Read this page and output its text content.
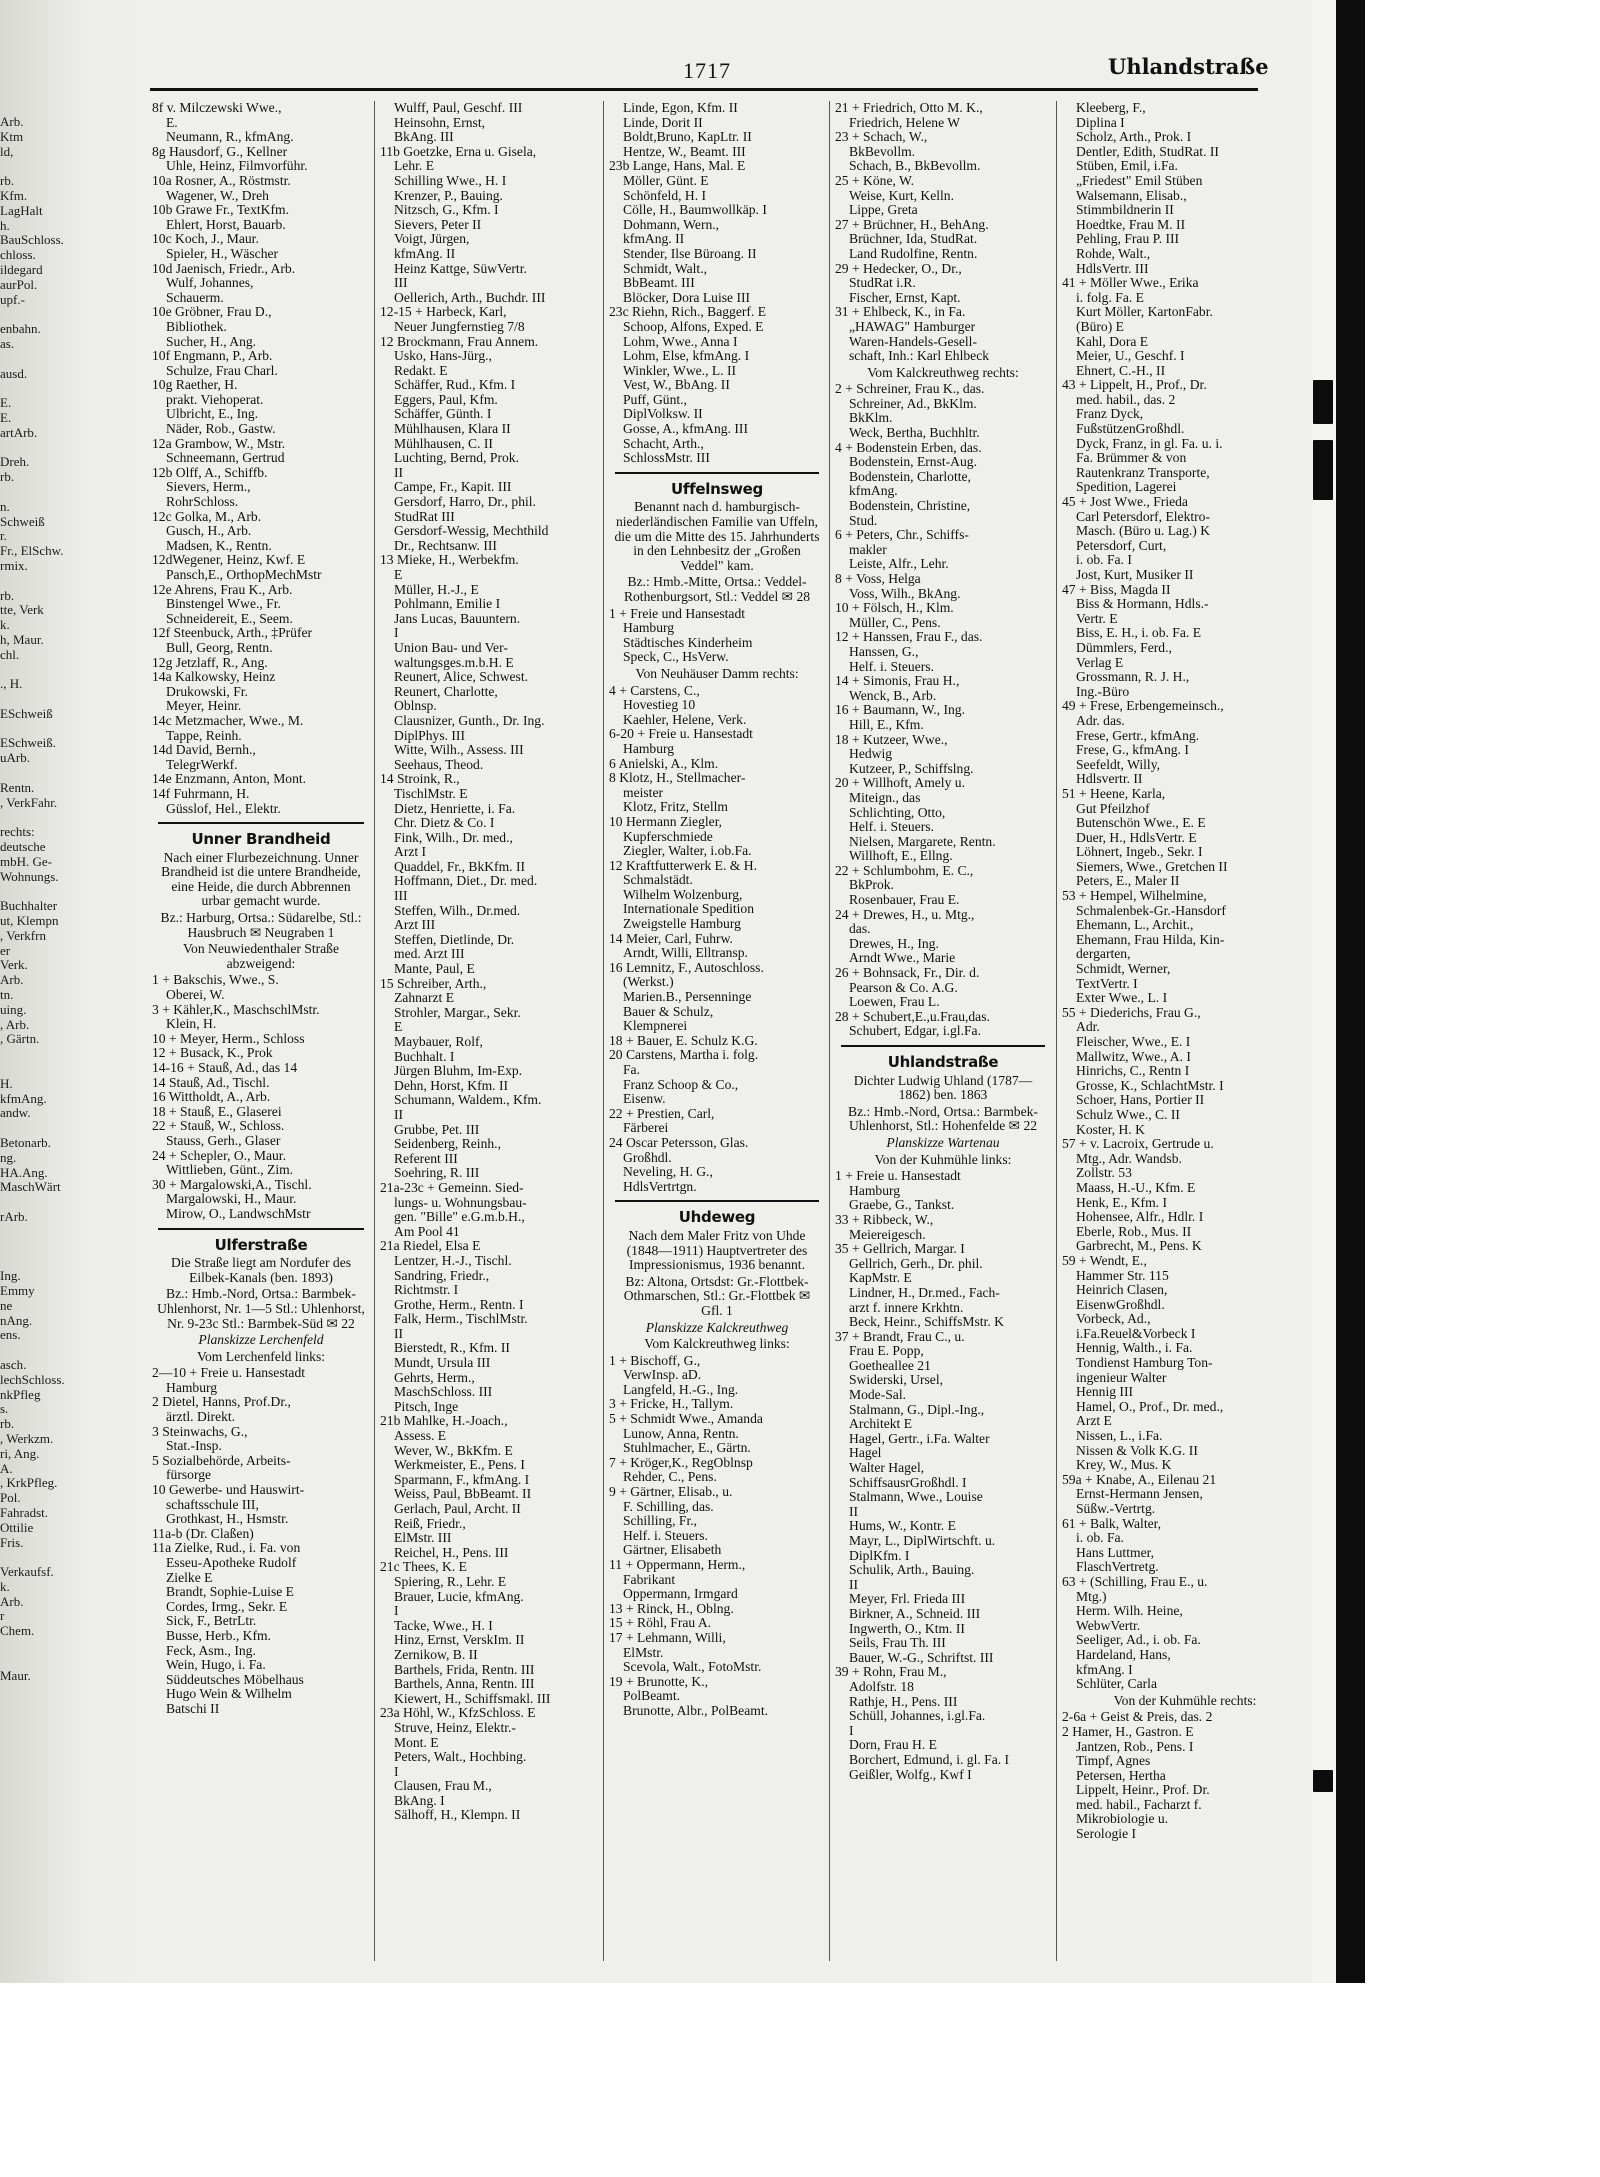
Arb.
Ktm
ld,

rb.
Kfm.
LagHalt
h.
BauSchloss.
chloss.
ildegard
aurPol.
upf.-

enbahn.
as.

ausd.

E.
E.
artArb.

Dreh.
rb.

n.
Schweiß
r.
Fr., ElSchw.
rmix.

rb.
tte, Verk
k.
h, Maur.
chl.

., H.

ESchweiß

ESchweiß.
uArb.

Rentn.
, VerkFahr.

rechts:
deutsche
mbH. Ge-
Wohnungs.

Buchhalter
ut, Klempn
, Verkfrn
er
Verk.
Arb.
tn.
uing.
, Arb.
, Gärtn.

H.
kfmAng.
andw.

Betonarb.
ng.
HA.Ang.
MaschWärt

rArb.

Ing.
Emmy
ne
nAng.
ens.

asch.
lechSchloss.
nkPfleg
s.
rb.
, Werkzm.
ri, Ang.
A.
, KrkPfleg.
Pol.
Fahradst.
Ottilie
Fris.

Verkaufsf.
k.
Arb.
r
Chem.

Maur.
1717	Uhlandstraße
8f v. Milczewski Wwe.,
E.
Neumann, R., kfmAng.
8g Hausdorf, G., Kellner
Uhle, Heinz, Filmvorführ.
10a Rosner, A., Röstmstr.
Wagener, W., Dreh
10b Grawe Fr., TextKfm.
Ehlert, Horst, Bauarb.
10c Koch, J., Maur.
Spieler, H., Wäscher
10d Jaenisch, Friedr., Arb.
Wulf, Johannes,
Schauerm.
10e Gröbner, Frau D.,
Bibliothek.
Sucher, H., Ang.
10f Engmann, P., Arb.
Schulze, Frau Charl.
10g Raether, H.
prakt. Viehoperat.
Ulbricht, E., Ing.
Näder, Rob., Gastw.
12a Grambow, W., Mstr.
Schneemann, Gertrud
12b Olff, A., Schiffb.
Sievers, Herm.,
RohrSchloss.
12c Golka, M., Arb.
Gusch, H., Arb.
Madsen, K., Rentn.
12dWegener, Heinz, Kwf. E
Pansch,E., OrthopMechMstr
12e Ahrens, Frau K., Arb.
Binstengel Wwe., Fr.
Schneidereit, E., Seem.
12f Steenbuck, Arth., ‡Prüfer
Bull, Georg, Rentn.
12g Jetzlaff, R., Ang.
14a Kalkowsky, Heinz
Drukowski, Fr.
Meyer, Heinr.
14c Metzmacher, Wwe., M.
Tappe, Reinh.
14d David, Bernh.,
TelegrWerkf.
14e Enzmann, Anton, Mont.
14f Fuhrmann, H.
Güsslof, Hel., Elektr.
Unner Brandheid
Nach einer Flurbezeichnung. Unner Brandheid ist die untere Brandheide, eine Heide, die durch Abbrennen urbar gemacht wurde.
Bz.: Harburg, Ortsa.: Südarelbe, Stl.: Hausbruch ✉ Neugraben 1
Von Neuwiedenthaler Straße abzweigend:
1 + Bakschis, Wwe., S.
Oberei, W.
3 + Kähler,K., MaschschlMstr.
Klein, H.
10 + Meyer, Herm., Schloss
12 + Busack, K., Prok
14-16 + Stauß, Ad., das 14
14 Stauß, Ad., Tischl.
16 Wittholdt, A., Arb.
18 + Stauß, E., Glaserei
22 + Stauß, W., Schloss.
Stauss, Gerh., Glaser
24 + Schepler, O., Maur.
Wittlieben, Günt., Zim.
30 + Margalowski,A., Tischl.
Margalowski, H., Maur.
Mirow, O., LandwschMstr
Ulferstraße
Die Straße liegt am Nordufer des Eilbek-Kanals (ben. 1893)
Bz.: Hmb.-Nord, Ortsa.: Barmbek-Uhlenhorst, Nr. 1—5 Stl.: Uhlenhorst, Nr. 9-23c Stl.: Barmbek-Süd ✉ 22
Planskizze Lerchenfeld
Vom Lerchenfeld links:
2—10 + Freie u. Hansestadt
Hamburg
2 Dietel, Hanns, Prof.Dr.,
ärztl. Direkt.
3 Steinwachs, G.,
Stat.-Insp.
5 Sozialbehörde, Arbeits-
fürsorge
10 Gewerbe- und Hauswirt-
schaftsschule III,
Grothkast, H., Hsmstr.
11a-b (Dr. Claßen)
11a Zielke, Rud., i. Fa. von
Esseu-Apotheke Rudolf
Zielke E
Brandt, Sophie-Luise E
Cordes, Irmg., Sekr. E
Sick, F., BetrLtr.
Busse, Herb., Kfm.
Feck, Asm., Ing.
Wein, Hugo, i. Fa.
Süddeutsches Möbelhaus
Hugo Wein & Wilhelm
Batschi II
Wulff, Paul, Geschf. III
Heinsohn, Ernst,
BkAng. III
11b Goetzke, Erna u. Gisela,
Lehr. E
Schilling Wwe., H. I
Krenzer, P., Bauing.
Nitzsch, G., Kfm. I
Sievers, Peter II
Voigt, Jürgen,
kfmAng. II
Heinz Kattge, SüwVertr.
III
Oellerich, Arth., Buchdr. III
12-15 + Harbeck, Karl,
Neuer Jungfernstieg 7/8
12 Brockmann, Frau Annem.
Usko, Hans-Jürg.,
Redakt. E
Schäffer, Rud., Kfm. I
Eggers, Paul, Kfm.
Schäffer, Günth. I
Mühlhausen, Klara II
Mühlhausen, C. II
Luchting, Bernd, Prok.
II
Campe, Fr., Kapit. III
Gersdorf, Harro, Dr., phil.
StudRat III
Gersdorf-Wessig, Mechthild
Dr., Rechtsanw. III
13 Mieke, H., Werbekfm.
E
Müller, H.-J., E
Pohlmann, Emilie I
Jans Lucas, Bauuntern.
I
Union Bau- und Ver-
waltungsges.m.b.H. E
Reunert, Alice, Schwest.
Reunert, Charlotte,
Oblnsp.
Clausnizer, Gunth., Dr. Ing.
DiplPhys. III
Witte, Wilh., Assess. III
Seehaus, Theod.
14 Stroink, R.,
TischlMstr. E
Dietz, Henriette, i. Fa.
Chr. Dietz & Co. I
Fink, Wilh., Dr. med.,
Arzt I
Quaddel, Fr., BkKfm. II
Hoffmann, Diet., Dr. med.
III
Steffen, Wilh., Dr.med.
Arzt III
Steffen, Dietlinde, Dr.
med. Arzt III
Mante, Paul, E
15 Schreiber, Arth.,
Zahnarzt E
Strohler, Margar., Sekr.
E
Maybauer, Rolf,
Buchhalt. I
Jürgen Bluhm, Im-Exp.
Dehn, Horst, Kfm. II
Schumann, Waldem., Kfm.
II
Grubbe, Pet. III
Seidenberg, Reinh.,
Referent III
Soehring, R. III
21a-23c + Gemeinn. Sied-
lungs- u. Wohnungsbau-
gen. "Bille" e.G.m.b.H.,
Am Pool 41
21a Riedel, Elsa E
Lentzer, H.-J., Tischl.
Sandring, Friedr.,
Richtmstr. I
Grothe, Herm., Rentn. I
Falk, Herm., TischlMstr.
II
Bierstedt, R., Kfm. II
Mundt, Ursula III
Gehrts, Herm.,
MaschSchloss. III
Pitsch, Inge
21b Mahlke, H.-Joach.,
Assess. E
Wever, W., BkKfm. E
Werkmeister, E., Pens. I
Sparmann, F., kfmAng. I
Weiss, Paul, BbBeamt. II
Gerlach, Paul, Archt. II
Reiß, Friedr.,
ElMstr. III
Reichel, H., Pens. III
21c Thees, K. E
Spiering, R., Lehr. E
Brauer, Lucie, kfmAng.
I
Tacke, Wwe., H. I
Hinz, Ernst, VerskIm. II
Zernikow, B. II
Barthels, Frida, Rentn. III
Barthels, Anna, Rentn. III
Kiewert, H., Schiffsmakl. III
23a Höhl, W., KfzSchloss. E
Struve, Heinz, Elektr.-
Mont. E
Peters, Walt., Hochbing.
I
Clausen, Frau M.,
BkAng. I
Sälhoff, H., Klempn. II
Linde, Egon, Kfm. II
Linde, Dorit II
Boldt,Bruno, KapLtr. II
Hentze, W., Beamt. III
23b Lange, Hans, Mal. E
Möller, Günt. E
Schönfeld, H. I
Cölle, H., Baumwollkäp. I
Dohmann, Wern.,
kfmAng. II
Stender, Ilse Büroang. II
Schmidt, Walt.,
BbBeamt. III
Blöcker, Dora Luise III
23c Riehn, Rich., Baggerf. E
Schoop, Alfons, Exped. E
Lohm, Wwe., Anna I
Lohm, Else, kfmAng. I
Winkler, Wwe., L. II
Vest, W., BbAng. II
Puff, Günt.,
DiplVolksw. II
Gosse, A., kfmAng. III
Schacht, Arth.,
SchlossMstr. III
Uffelnsweg
Benannt nach d. hamburgisch-niederländischen Familie van Uffeln, die um die Mitte des 15. Jahrhunderts in den Lehnbesitz der „Großen Veddel" kam.
Bz.: Hmb.-Mitte, Ortsa.: Veddel-Rothenburgsort, Stl.: Veddel ✉ 28
1 + Freie und Hansestadt
Hamburg
Städtisches Kinderheim
Speck, C., HsVerw.
Von Neuhäuser Damm rechts:
4 + Carstens, C.,
Hovestieg 10
Kaehler, Helene, Verk.
6-20 + Freie u. Hansestadt
Hamburg
6 Anielski, A., Klm.
8 Klotz, H., Stellmacher-
meister
Klotz, Fritz, Stellm
10 Hermann Ziegler,
Kupferschmiede
Ziegler, Walter, i.ob.Fa.
12 Kraftfutterwerk E. & H.
Schmalstädt.
Wilhelm Wolzenburg,
Internationale Spedition
Zweigstelle Hamburg
14 Meier, Carl, Fuhrw.
Arndt, Willi, Elltransp.
16 Lemnitz, F., Autoschloss.
(Werkst.)
Marien.B., Persenninge
Bauer & Schulz,
Klempnerei
18 + Bauer, E. Schulz K.G.
20 Carstens, Martha i. folg.
Fa.
Franz Schoop & Co.,
Eisenw.
22 + Prestien, Carl,
Färberei
24 Oscar Petersson, Glas.
Großhdl.
Neveling, H. G.,
HdlsVertrtgn.
Uhdeweg
Nach dem Maler Fritz von Uhde (1848—1911) Hauptvertreter des Impressionismus, 1936 benannt.
Bz: Altona, Ortsdst: Gr.-Flottbek-Othmarschen, Stl.: Gr.-Flottbek ✉ Gfl. 1
Planskizze Kalckreuthweg
Vom Kalckreuthweg links:
1 + Bischoff, G.,
VerwInsp. aD.
Langfeld, H.-G., Ing.
3 + Fricke, H., Tallym.
5 + Schmidt Wwe., Amanda
Lunow, Anna, Rentn.
Stuhlmacher, E., Gärtn.
7 + Kröger,K., RegOblnsp
Rehder, C., Pens.
9 + Gärtner, Elisab., u.
F. Schilling, das.
Schilling, Fr.,
Helf. i. Steuers.
Gärtner, Elisabeth
11 + Oppermann, Herm.,
Fabrikant
Oppermann, Irmgard
13 + Rinck, H., Oblng.
15 + Röhl, Frau A.
17 + Lehmann, Willi,
ElMstr.
Scevola, Walt., FotoMstr.
19 + Brunotte, K.,
PolBeamt.
Brunotte, Albr., PolBeamt.
21 + Friedrich, Otto M. K.,
Friedrich, Helene W
23 + Schach, W.,
BkBevollm.
Schach, B., BkBevollm.
25 + Köne, W.
Weise, Kurt, Kelln.
Lippe, Greta
27 + Brüchner, H., BehAng.
Brüchner, Ida, StudRat.
Land Rudolfine, Rentn.
29 + Hedecker, O., Dr.,
StudRat i.R.
Fischer, Ernst, Kapt.
31 + Ehlbeck, K., in Fa.
„HAWAG" Hamburger
Waren-Handels-Gesell-
schaft, Inh.: Karl Ehlbeck
Vom Kalckreuthweg rechts:
2 + Schreiner, Frau K., das.
Schreiner, Ad., BkKlm.
BkKlm.
Weck, Bertha, Buchhltr.
4 + Bodenstein Erben, das.
Bodenstein, Ernst-Aug.
Bodenstein, Charlotte,
kfmAng.
Bodenstein, Christine,
Stud.
6 + Peters, Chr., Schiffs-
makler
Leiste, Alfr., Lehr.
8 + Voss, Helga
Voss, Wilh., BkAng.
10 + Fölsch, H., Klm.
Müller, C., Pens.
12 + Hanssen, Frau F., das.
Hanssen, G.,
Helf. i. Steuers.
14 + Simonis, Frau H.,
Wenck, B., Arb.
16 + Baumann, W., Ing.
Hill, E., Kfm.
18 + Kutzeer, Wwe.,
Hedwig
Kutzeer, P., Schiffslng.
20 + Willhoft, Amely u.
Miteign., das
Schlichting, Otto,
Helf. i. Steuers.
Nielsen, Margarete, Rentn.
Willhoft, E., Ellng.
22 + Schlumbohm, E. C.,
BkProk.
Rosenbauer, Frau E.
24 + Drewes, H., u. Mtg.,
das.
Drewes, H., Ing.
Arndt Wwe., Marie
26 + Bohnsack, Fr., Dir. d.
Pearson & Co. A.G.
Loewen, Frau L.
28 + Schubert,E.,u.Frau,das.
Schubert, Edgar, i.gl.Fa.
Uhlandstraße
Dichter Ludwig Uhland (1787—1862) ben. 1863
Bz.: Hmb.-Nord, Ortsa.: Barmbek-Uhlenhorst, Stl.: Hohenfelde ✉ 22
Planskizze Wartenau
Von der Kuhmühle links:
1 + Freie u. Hansestadt
Hamburg
Graebe, G., Tankst.
33 + Ribbeck, W.,
Meiereigesch.
35 + Gellrich, Margar. I
Gellrich, Gerh., Dr. phil.
KapMstr. E
Lindner, H., Dr.med., Fach-
arzt f. innere Krkhtn.
Beck, Heinr., SchiffsMstr. K
37 + Brandt, Frau C., u.
Frau E. Popp,
Goetheallee 21
Swiderski, Ursel,
Mode-Sal.
Stalmann, G., Dipl.-Ing.,
Architekt E
Hagel, Gertr., i.Fa. Walter
Hagel
Walter Hagel,
SchiffsausrGroßhdl. I
Stalmann, Wwe., Louise
II
Hums, W., Kontr. E
Mayr, L., DiplWirtschft. u.
DiplKfm. I
Schulik, Arth., Bauing.
II
Meyer, Frl. Frieda III
Birkner, A., Schneid. III
Ingwerth, O., Ktm. II
Seils, Frau Th. III
Bauer, W.-G., Schriftst. III
39 + Rohn, Frau M.,
Adolfstr. 18
Rathje, H., Pens. III
Schüll, Johannes, i.gl.Fa.
I
Dorn, Frau H. E
Borchert, Edmund, i. gl. Fa. I
Geißler, Wolfg., Kwf I
Kleeberg, F.,
Diplina I
Scholz, Arth., Prok. I
Dentler, Edith, StudRat. II
Stüben, Emil, i.Fa.
„Friedest" Emil Stüben
Walsemann, Elisab.,
Stimmbildnerin II
Hoedtke, Frau M. II
Pehling, Frau P. III
Rohde, Walt.,
HdlsVertr. III
41 + Möller Wwe., Erika
i. folg. Fa. E
Kurt Möller, KartonFabr.
(Büro) E
Kahl, Dora E
Meier, U., Geschf. I
Ehnert, C.-H., II
43 + Lippelt, H., Prof., Dr.
med. habil., das. 2
Franz Dyck,
FußstützenGroßhdl.
Dyck, Franz, in gl. Fa. u. i.
Fa. Brümmer & von
Rautenkranz Transporte,
Spedition, Lagerei
45 + Jost Wwe., Frieda
Carl Petersdorf, Elektro-
Masch. (Büro u. Lag.) K
Petersdorf, Curt,
i. ob. Fa. I
Jost, Kurt, Musiker II
47 + Biss, Magda II
Biss & Hormann, Hdls.-
Vertr. E
Biss, E. H., i. ob. Fa. E
Dümmlers, Ferd.,
Verlag E
Grossmann, R. J. H.,
Ing.-Büro
49 + Frese, Erbengemeinsch.,
Adr. das.
Frese, Gertr., kfmAng.
Frese, G., kfmAng. I
Seefeldt, Willy,
Hdlsvertr. II
51 + Heene, Karla,
Gut Pfeilzhof
Butenschön Wwe., E. E
Duer, H., HdlsVertr. E
Löhnert, Ingeb., Sekr. I
Siemers, Wwe., Gretchen II
Peters, E., Maler II
53 + Hempel, Wilhelmine,
Schmalenbek-Gr.-Hansdorf
Ehemann, L., Archit.,
Ehemann, Frau Hilda, Kin-
dergarten,
Schmidt, Werner,
TextVertr. I
Exter Wwe., L. I
55 + Diederichs, Frau G.,
Adr.
Fleischer, Wwe., E. I
Mallwitz, Wwe., A. I
Hinrichs, C., Rentn I
Grosse, K., SchlachtMstr. I
Schoer, Hans, Portier II
Schulz Wwe., C. II
Koster, H. K
57 + v. Lacroix, Gertrude u.
Mtg., Adr. Wandsb.
Zollstr. 53
Maass, H.-U., Kfm. E
Henk, E., Kfm. I
Hohensee, Alfr., Hdlr. I
Eberle, Rob., Mus. II
Garbrecht, M., Pens. K
59 + Wendt, E.,
Hammer Str. 115
Heinrich Clasen,
EisenwGroßhdl.
Vorbeck, Ad.,
i.Fa.Reuel&Vorbeck I
Hennig, Walth., i. Fa.
Tondienst Hamburg Ton-
ingenieur Walter
Hennig III
Hamel, O., Prof., Dr. med.,
Arzt E
Nissen, L., i.Fa.
Nissen & Volk K.G. II
Krey, W., Mus. K
59a + Knabe, A., Eilenau 21
Ernst-Hermann Jensen,
Süßw.-Vertrtg.
61 + Balk, Walter,
i. ob. Fa.
Hans Luttmer,
FlaschVertretg.
63 + (Schilling, Frau E., u.
Mtg.)
Herm. Wilh. Heine,
WebwVertr.
Seeliger, Ad., i. ob. Fa.
Hardeland, Hans,
kfmAng. I
Schlüter, Carla
Von der Kuhmühle rechts:
2-6a + Geist & Preis, das. 2
2 Hamer, H., Gastron. E
Jantzen, Rob., Pens. I
Timpf, Agnes
Petersen, Hertha
Lippelt, Heinr., Prof. Dr.
med. habil., Facharzt f.
Mikrobiologie u.
Serologie I
